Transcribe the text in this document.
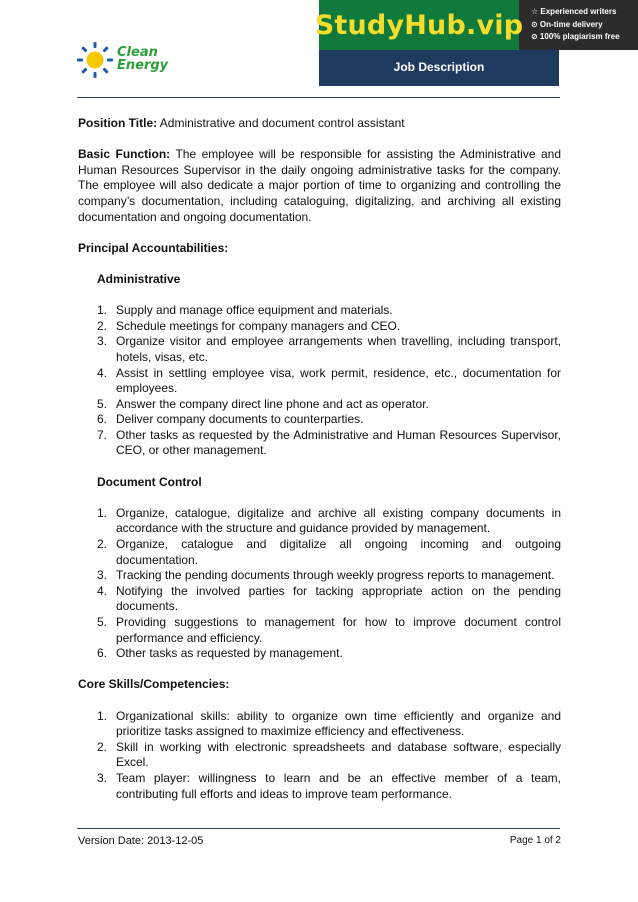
Clean
Energy	Job Description
StudyHub.vip ☆ Experienced writers
⊙ On-time delivery
⊘ 100% plagiarism free

Position Title: Administrative and document control assistant

Basic Function: The employee will be responsible for assisting the Administrative and Human Resources Supervisor in the daily ongoing administrative tasks for the company. The employee will also dedicate a major portion of time to organizing and controlling the company’s documentation, including cataloguing, digitalizing, and archiving all existing documentation and ongoing documentation.

Principal Accountabilities:

Administrative

1. Supply and manage office equipment and materials.
2. Schedule meetings for company managers and CEO.
3. Organize visitor and employee arrangements when travelling, including transport, hotels, visas, etc.
4. Assist in settling employee visa, work permit, residence, etc., documentation for employees.
5. Answer the company direct line phone and act as operator.
6. Deliver company documents to counterparties.
7. Other tasks as requested by the Administrative and Human Resources Supervisor, CEO, or other management.

Document Control

1. Organize, catalogue, digitalize and archive all existing company documents in accordance with the structure and guidance provided by management.
2. Organize, catalogue and digitalize all ongoing incoming and outgoing documentation.
3. Tracking the pending documents through weekly progress reports to management.
4. Notifying the involved parties for tacking appropriate action on the pending documents.
5. Providing suggestions to management for how to improve document control performance and efficiency.
6. Other tasks as requested by management.

Core Skills/Competencies:

1. Organizational skills: ability to organize own time efficiently and organize and prioritize tasks assigned to maximize efficiency and effectiveness.
2. Skill in working with electronic spreadsheets and database software, especially Excel.
3. Team player: willingness to learn and be an effective member of a team, contributing full efforts and ideas to improve team performance.
Version Date: 2013-12-05	Page 1 of 2
